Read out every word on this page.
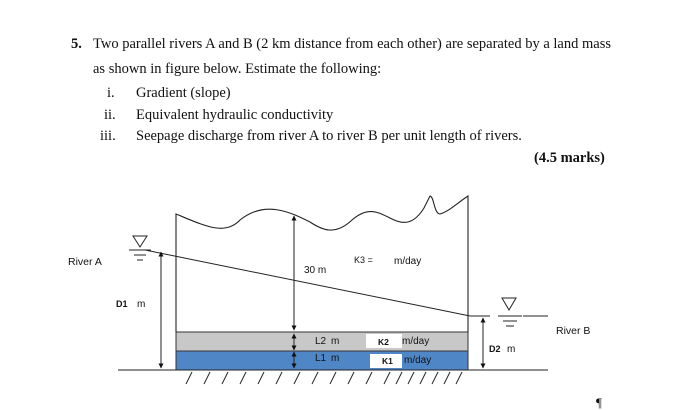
5. Two parallel rivers A and B (2 km distance from each other) are separated by a land mass
as shown in figure below. Estimate the following:
i. Gradient (slope)
ii. Equivalent hydraulic conductivity
iii. Seepage discharge from river A to river B per unit length of rivers.
(4.5 marks)
River A
River B
D1 m
D2 m
30 m
K3 = m/day
L2 m
L1 m
K2 m/day
K1 m/day
¶
